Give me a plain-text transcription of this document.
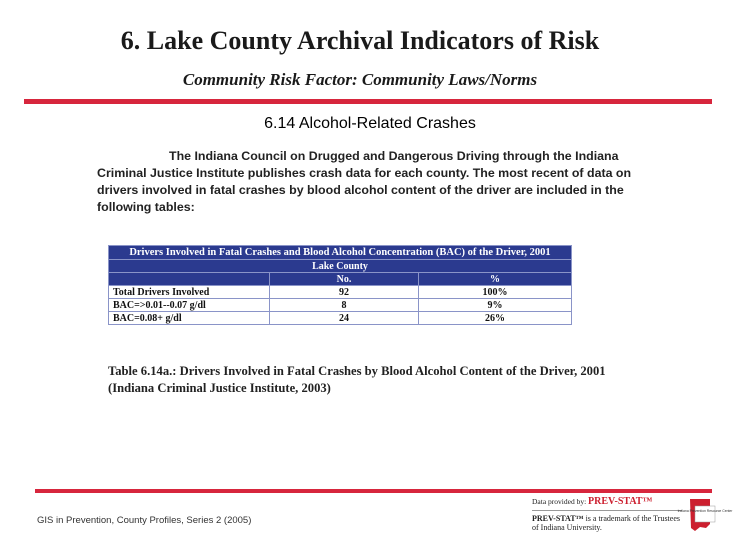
6. Lake County Archival Indicators of Risk
Community Risk Factor: Community Laws/Norms
6.14 Alcohol-Related Crashes
The Indiana Council on Drugged and Dangerous Driving through the Indiana Criminal Justice Institute publishes crash data for each county. The most recent of data on drivers involved in fatal crashes by blood alcohol content of the driver are included in the following tables:
Drivers Involved in Fatal Crashes and Blood Alcohol Concentration (BAC) of the Driver, 2001		
Lake County		
	No.	%
Total Drivers Involved	92	100%
BAC=>0.01--0.07 g/dl	8	9%
BAC=0.08+ g/dl	24	26%
Table 6.14a.: Drivers Involved in Fatal Crashes by Blood Alcohol Content of the Driver, 2001 (Indiana Criminal Justice Institute, 2003)
GIS in Prevention, County Profiles, Series 2 (2005)
Data provided by: PREV-STAT™
PREV-STAT™ is a trademark of the Trustees of Indiana University.
Indiana Prevention Resource Center
